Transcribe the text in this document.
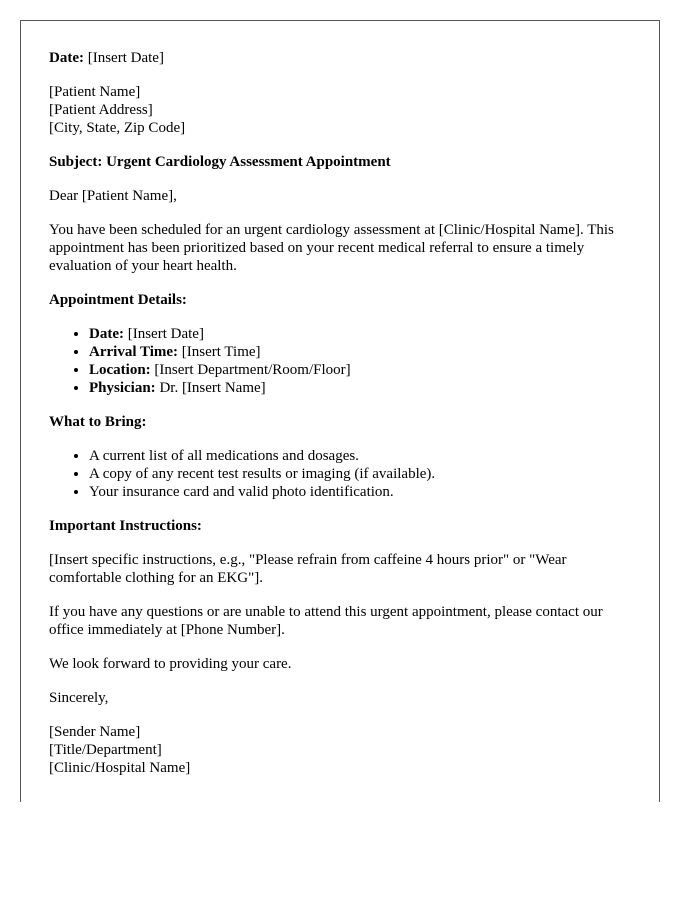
Date: [Insert Date]

[Patient Name]
[Patient Address]
[City, State, Zip Code]

Subject: Urgent Cardiology Assessment Appointment

Dear [Patient Name],

You have been scheduled for an urgent cardiology assessment at [Clinic/Hospital Name]. This appointment has been prioritized based on your recent medical referral to ensure a timely evaluation of your heart health.

Appointment Details:

• Date: [Insert Date]
• Arrival Time: [Insert Time]
• Location: [Insert Department/Room/Floor]
• Physician: Dr. [Insert Name]

What to Bring:

• A current list of all medications and dosages.
• A copy of any recent test results or imaging (if available).
• Your insurance card and valid photo identification.

Important Instructions:

[Insert specific instructions, e.g., "Please refrain from caffeine 4 hours prior" or "Wear comfortable clothing for an EKG"].

If you have any questions or are unable to attend this urgent appointment, please contact our office immediately at [Phone Number].

We look forward to providing your care.

Sincerely,

[Sender Name]
[Title/Department]
[Clinic/Hospital Name]
